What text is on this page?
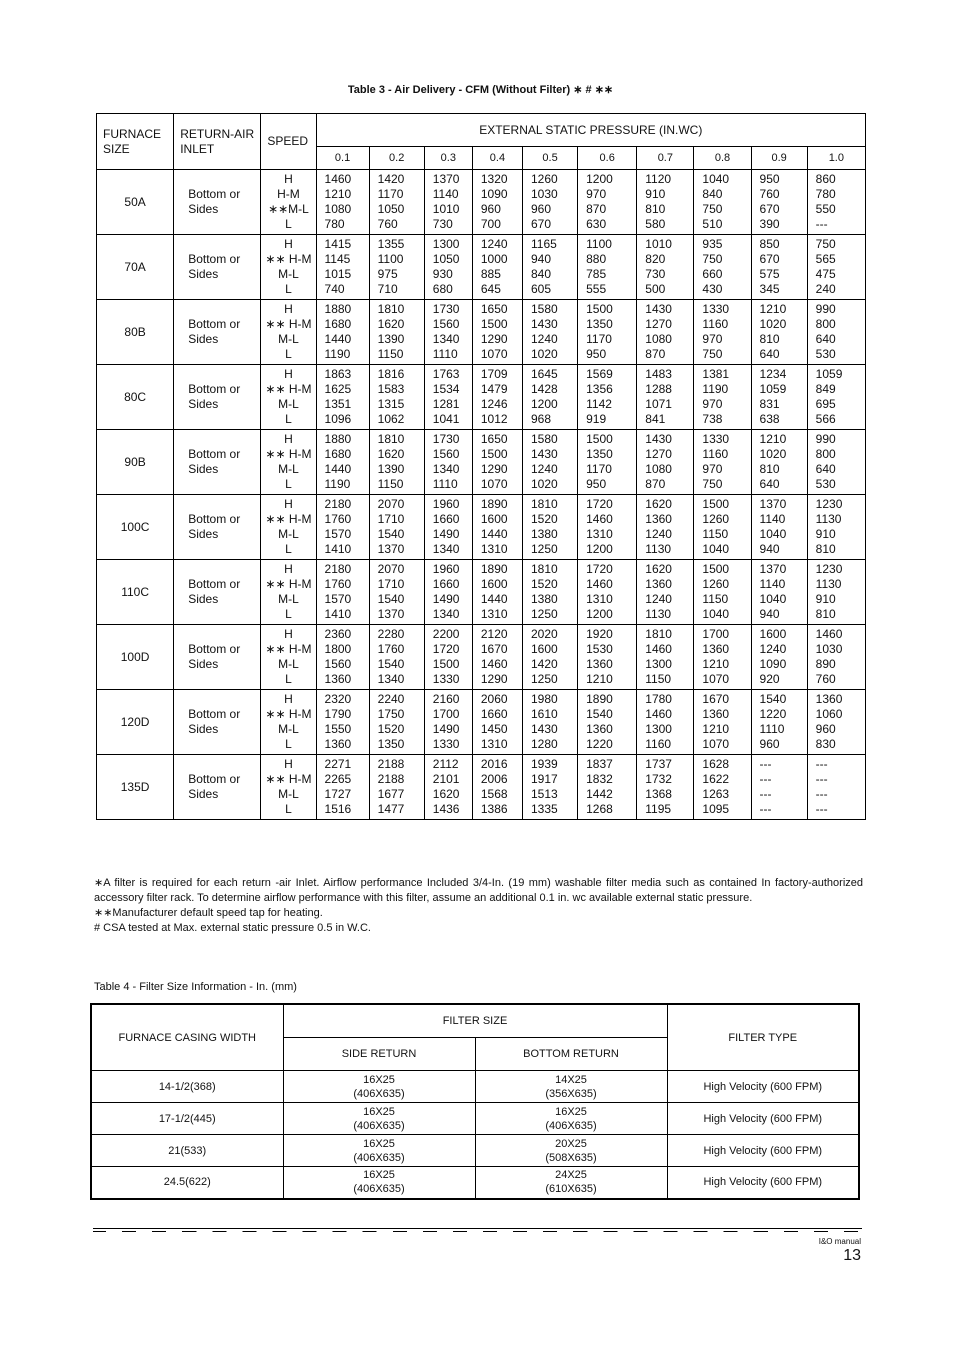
Table 3 - Air Delivery - CFM (Without Filter) ∗ # ∗∗
FURNACE
SIZE	RETURN-AIR
INLET	SPEED	EXTERNAL STATIC PRESSURE (IN.WC)									
			0.1	0.2	0.3	0.4	0.5	0.6	0.7	0.8	0.9	1.0
50A	Bottom or
Sides	H
H-M
∗∗M-L
L	1460
1210
1080
780	1420
1170
1050
760	1370
1140
1010
730	1320
1090
960
700	1260
1030
960
670	1200
970
870
630	1120
910
810
580	1040
840
750
510	950
760
670
390	860
780
550
---

70A	Bottom or
Sides	H
∗∗ H-M
M-L
L	1415
1145
1015
740	1355
1100
975
710	1300
1050
930
680	1240
1000
885
645	1165
940
840
605	1100
880
785
555	1010
820
730
500	935
750
660
430	850
670
575
345	750
565
475
240

80B	Bottom or
Sides	H
∗∗ H-M
M-L
L	1880
1680
1440
1190	1810
1620
1390
1150	1730
1560
1340
1110	1650
1500
1290
1070	1580
1430
1240
1020	1500
1350
1170
950	1430
1270
1080
870	1330
1160
970
750	1210
1020
810
640	990
800
640
530

80C	Bottom or
Sides	H
∗∗ H-M
M-L
L	1863
1625
1351
1096	1816
1583
1315
1062	1763
1534
1281
1041	1709
1479
1246
1012	1645
1428
1200
968	1569
1356
1142
919	1483
1288
1071
841	1381
1190
970
738	1234
1059
831
638	1059
849
695
566

90B	Bottom or
Sides	H
∗∗ H-M
M-L
L	1880
1680
1440
1190	1810
1620
1390
1150	1730
1560
1340
1110	1650
1500
1290
1070	1580
1430
1240
1020	1500
1350
1170
950	1430
1270
1080
870	1330
1160
970
750	1210
1020
810
640	990
800
640
530

100C	Bottom or
Sides	H
∗∗ H-M
M-L
L	2180
1760
1570
1410	2070
1710
1540
1370	1960
1660
1490
1340	1890
1600
1440
1310	1810
1520
1380
1250	1720
1460
1310
1200	1620
1360
1240
1130	1500
1260
1150
1040	1370
1140
1040
940	1230
1130
910
810

110C	Bottom or
Sides	H
∗∗ H-M
M-L
L	2180
1760
1570
1410	2070
1710
1540
1370	1960
1660
1490
1340	1890
1600
1440
1310	1810
1520
1380
1250	1720
1460
1310
1200	1620
1360
1240
1130	1500
1260
1150
1040	1370
1140
1040
940	1230
1130
910
810

100D	Bottom or
Sides	H
∗∗ H-M
M-L
L	2360
1800
1560
1360	2280
1760
1540
1340	2200
1720
1500
1330	2120
1670
1460
1290	2020
1600
1420
1250	1920
1530
1360
1210	1810
1460
1300
1150	1700
1360
1210
1070	1600
1240
1090
920	1460
1030
890
760

120D	Bottom or
Sides	H
∗∗ H-M
M-L
L	2320
1790
1550
1360	2240
1750
1520
1350	2160
1700
1490
1330	2060
1660
1450
1310	1980
1610
1430
1280	1890
1540
1360
1220	1780
1460
1300
1160	1670
1360
1210
1070	1540
1220
1110
960	1360
1060
960
830

135D	Bottom or
Sides	H
∗∗ H-M
M-L
L	2271
2265
1727
1516	2188
2188
1677
1477	2112
2101
1620
1436	2016
2006
1568
1386	1939
1917
1513
1335	1837
1832
1442
1268	1737
1732
1368
1195	1628
1622
1263
1095	---
---
---
---	---
---
---
---

∗A filter is required for each return -air Inlet. Airflow performance Included 3/4-In. (19 mm) washable filter media such as contained In factory-authorized accessory filter rack. To determine airflow performance with this filter, assume an additional 0.1 in. wc available external static pressure.

∗∗Manufacturer default speed tap for heating.

# CSA tested at Max. external static pressure 0.5 in W.C.

Table 4 - Filter Size Information - In. (mm)
FURNACE CASING WIDTH	FILTER SIZE		FILTER TYPE
	SIDE RETURN	BOTTOM RETURN	
14-1/2(368)	16X25
(406X635)	14X25
(356X635)	High Velocity (600 FPM)
17-1/2(445)	16X25
(406X635)	16X25
(406X635)	High Velocity (600 FPM)
21(533)	16X25
(406X635)	20X25
(508X635)	High Velocity (600 FPM)
24.5(622)	16X25
(406X635)	24X25
(610X635)	High Velocity (600 FPM)
I&O manual
13
